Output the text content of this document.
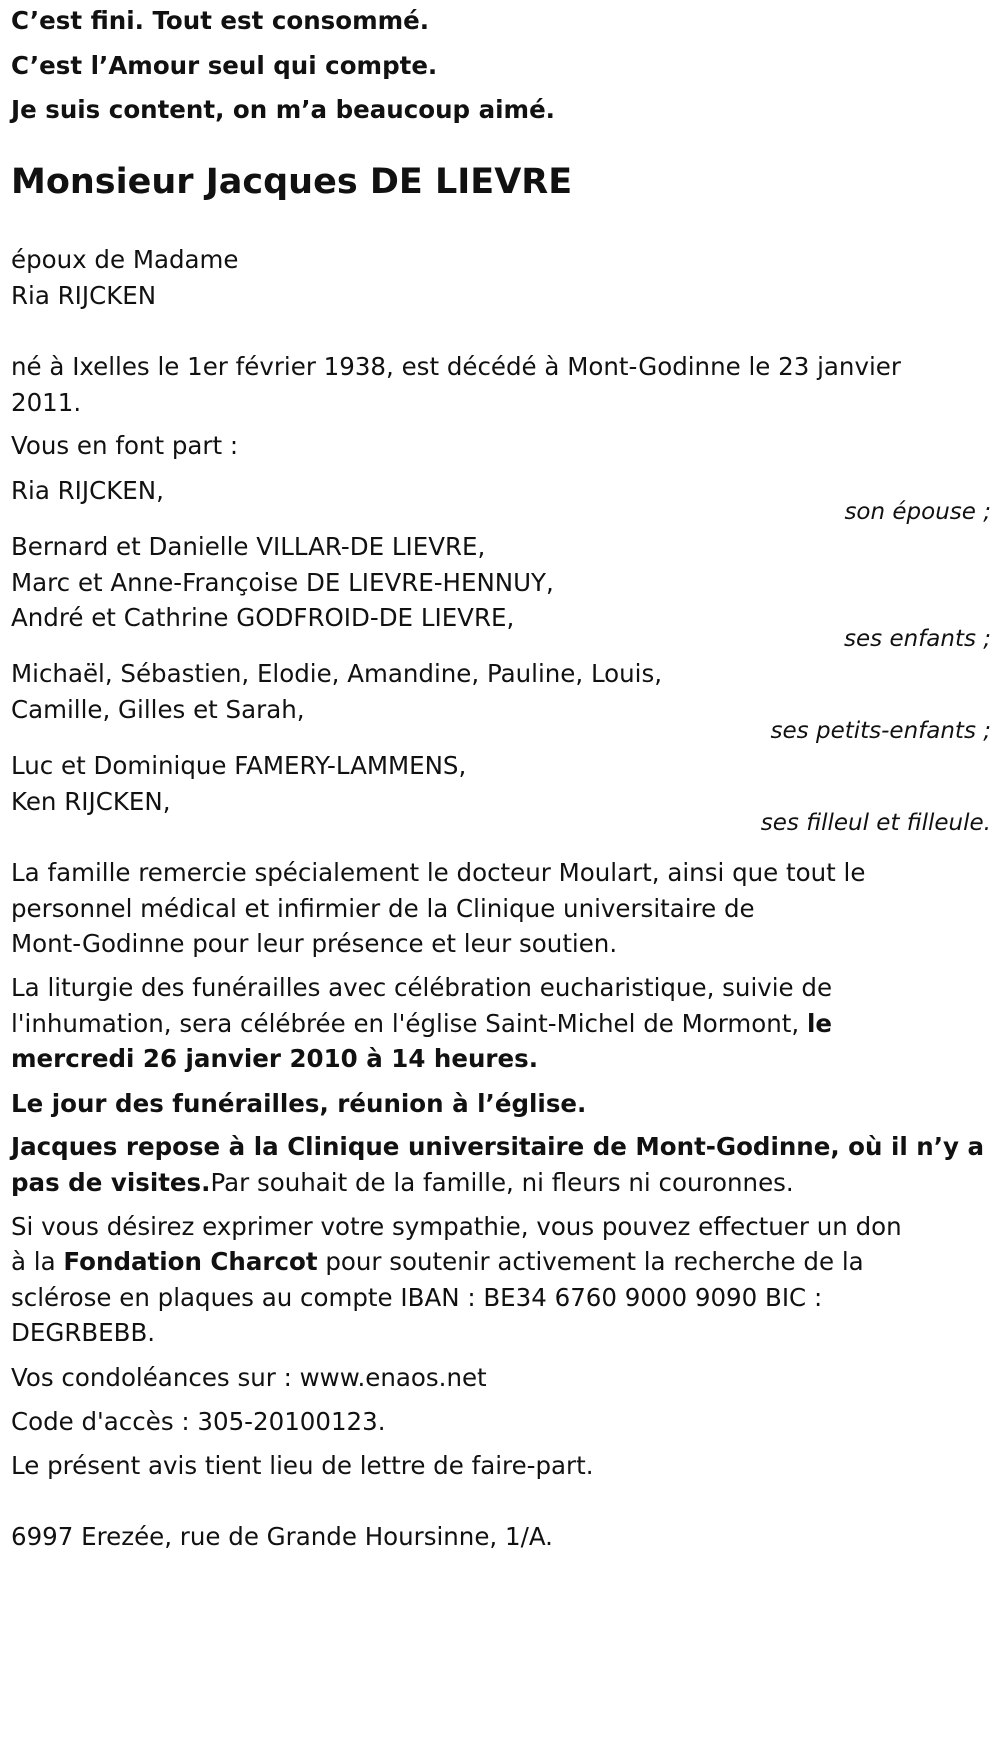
C’est fini. Tout est consommé.
C’est l’Amour seul qui compte.
Je suis content, on m’a beaucoup aimé.
Monsieur Jacques DE LIEVRE
époux de Madame
Ria RIJCKEN
né à Ixelles le 1er février 1938, est décédé à Mont-Godinne le 23 janvier
2011.
Vous en font part :
Ria RIJCKEN,
son épouse ;
Bernard et Danielle VILLAR-DE LIEVRE,
Marc et Anne-Françoise DE LIEVRE-HENNUY,
André et Cathrine GODFROID-DE LIEVRE,
ses enfants ;
Michaël, Sébastien, Elodie, Amandine, Pauline, Louis,
Camille, Gilles et Sarah,
ses petits-enfants ;
Luc et Dominique FAMERY-LAMMENS,
Ken RIJCKEN,
ses filleul et filleule.
La famille remercie spécialement le docteur Moulart, ainsi que tout le
personnel médical et infirmier de la Clinique universitaire de
Mont-Godinne pour leur présence et leur soutien.
La liturgie des funérailles avec célébration eucharistique, suivie de
l'inhumation, sera célébrée en l'église Saint-Michel de Mormont, le
mercredi 26 janvier 2010 à 14 heures.
Le jour des funérailles, réunion à l’église.
Jacques repose à la Clinique universitaire de Mont-Godinne, où il n’y a
pas de visites.Par souhait de la famille, ni fleurs ni couronnes.
Si vous désirez exprimer votre sympathie, vous pouvez effectuer un don
à la Fondation Charcot pour soutenir activement la recherche de la
sclérose en plaques au compte IBAN : BE34 6760 9000 9090 BIC :
DEGRBEBB.
Vos condoléances sur : www.enaos.net
Code d'accès : 305-20100123.
Le présent avis tient lieu de lettre de faire-part.
6997 Erezée, rue de Grande Hoursinne, 1/A.
